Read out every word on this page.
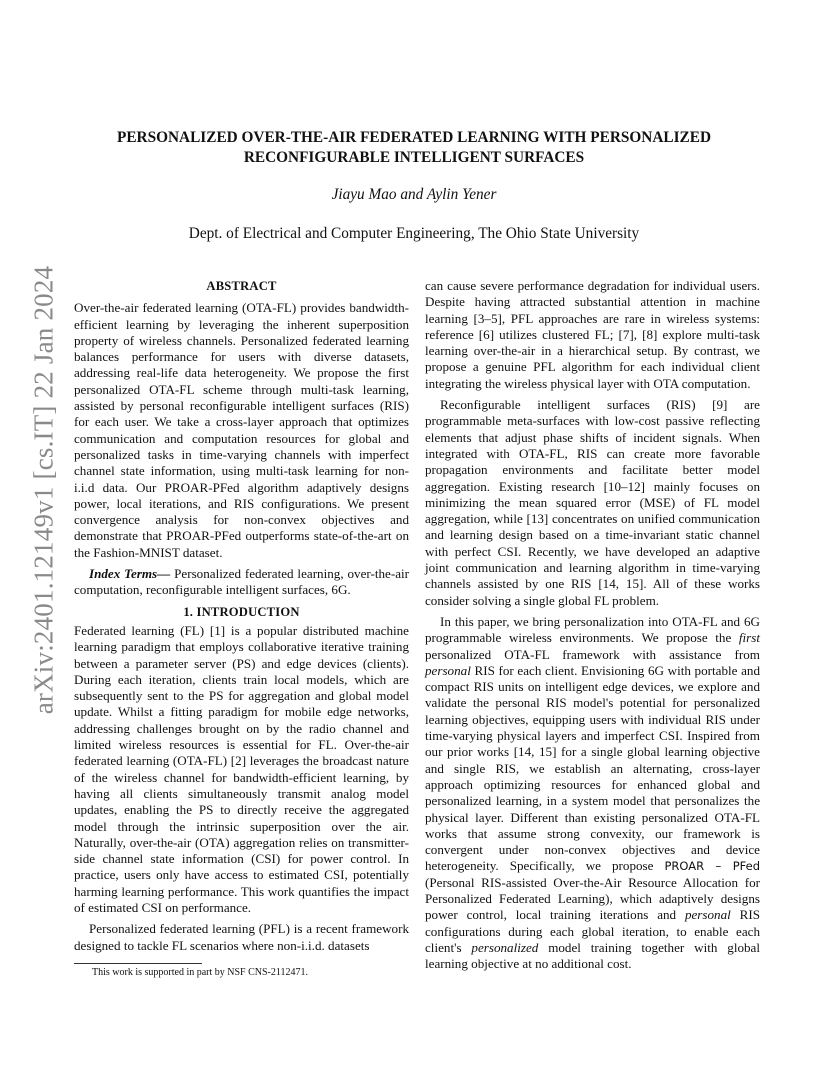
arXiv:2401.12149v1 [cs.IT] 22 Jan 2024
PERSONALIZED OVER-THE-AIR FEDERATED LEARNING WITH PERSONALIZED
RECONFIGURABLE INTELLIGENT SURFACES
Jiayu Mao and Aylin Yener
Dept. of Electrical and Computer Engineering, The Ohio State University
ABSTRACT

Over-the-air federated learning (OTA-FL) provides bandwidth-efficient learning by leveraging the inherent superposition property of wireless channels. Personalized federated learning balances performance for users with diverse datasets, addressing real-life data heterogeneity. We propose the first personalized OTA-FL scheme through multi-task learning, assisted by personal reconfigurable intelligent surfaces (RIS) for each user. We take a cross-layer approach that optimizes communication and computation resources for global and personalized tasks in time-varying channels with imperfect channel state information, using multi-task learning for non-i.i.d data. Our PROAR-PFed algorithm adaptively designs power, local iterations, and RIS configurations. We present convergence analysis for non-convex objectives and demonstrate that PROAR-PFed outperforms state-of-the-art on the Fashion-MNIST dataset.

Index Terms— Personalized federated learning, over-the-air computation, reconfigurable intelligent surfaces, 6G.

1. INTRODUCTION

Federated learning (FL) [1] is a popular distributed machine learning paradigm that employs collaborative iterative training between a parameter server (PS) and edge devices (clients). During each iteration, clients train local models, which are subsequently sent to the PS for aggregation and global model update. Whilst a fitting paradigm for mobile edge networks, addressing challenges brought on by the radio channel and limited wireless resources is essential for FL. Over-the-air federated learning (OTA-FL) [2] leverages the broadcast nature of the wireless channel for bandwidth-efficient learning, by having all clients simultaneously transmit analog model updates, enabling the PS to directly receive the aggregated model through the intrinsic superposition over the air. Naturally, over-the-air (OTA) aggregation relies on transmitter-side channel state information (CSI) for power control. In practice, users only have access to estimated CSI, potentially harming learning performance. This work quantifies the impact of estimated CSI on performance.

Personalized federated learning (PFL) is a recent framework designed to tackle FL scenarios where non-i.i.d. datasets

can cause severe performance degradation for individual users. Despite having attracted substantial attention in machine learning [3–5], PFL approaches are rare in wireless systems: reference [6] utilizes clustered FL; [7], [8] explore multi-task learning over-the-air in a hierarchical setup. By contrast, we propose a genuine PFL algorithm for each individual client integrating the wireless physical layer with OTA computation.

Reconfigurable intelligent surfaces (RIS) [9] are programmable meta-surfaces with low-cost passive reflecting elements that adjust phase shifts of incident signals. When integrated with OTA-FL, RIS can create more favorable propagation environments and facilitate better model aggregation. Existing research [10–12] mainly focuses on minimizing the mean squared error (MSE) of FL model aggregation, while [13] concentrates on unified communication and learning design based on a time-invariant static channel with perfect CSI. Recently, we have developed an adaptive joint communication and learning algorithm in time-varying channels assisted by one RIS [14, 15]. All of these works consider solving a single global FL problem.

In this paper, we bring personalization into OTA-FL and 6G programmable wireless environments. We propose the first personalized OTA-FL framework with assistance from personal RIS for each client. Envisioning 6G with portable and compact RIS units on intelligent edge devices, we explore and validate the personal RIS model's potential for personalized learning objectives, equipping users with individual RIS under time-varying physical layers and imperfect CSI. Inspired from our prior works [14, 15] for a single global learning objective and single RIS, we establish an alternating, cross-layer approach optimizing resources for enhanced global and personalized learning, in a system model that personalizes the physical layer. Different than existing personalized OTA-FL works that assume strong convexity, our framework is convergent under non-convex objectives and device heterogeneity. Specifically, we propose PROAR – PFed (Personal RIS-assisted Over-the-Air Resource Allocation for Personalized Federated Learning), which adaptively designs power control, local training iterations and personal RIS configurations during each global iteration, to enable each client's personalized model training together with global learning objective at no additional cost.

This work is supported in part by NSF CNS-2112471.
